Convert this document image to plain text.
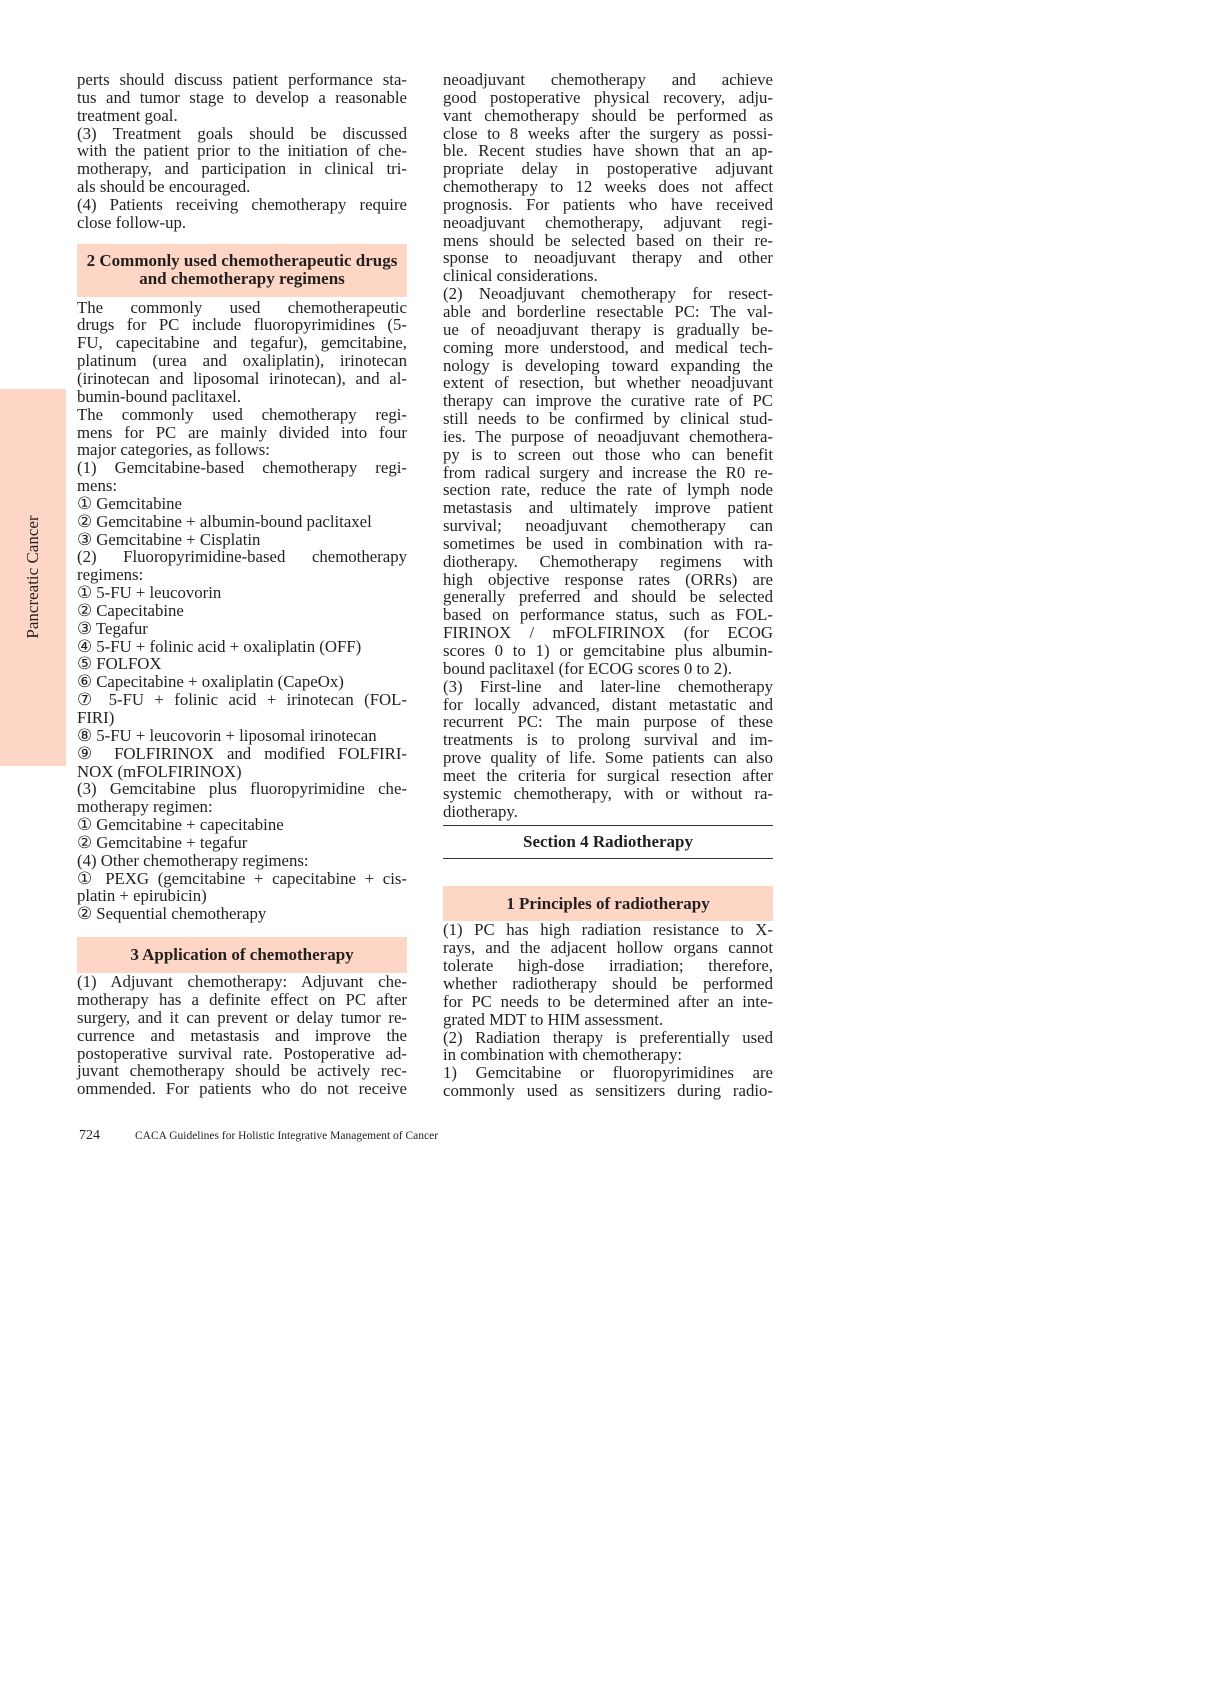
Pancreatic Cancer
perts should discuss patient performance sta-
tus and tumor stage to develop a reasonable
treatment goal.
(3) Treatment goals should be discussed
with the patient prior to the initiation of che-
motherapy, and participation in clinical tri-
als should be encouraged.
(4) Patients receiving chemotherapy require
close follow-up.
2 Commonly used chemotherapeutic drugs
and chemotherapy regimens
The commonly used chemotherapeutic
drugs for PC include fluoropyrimidines (5-
FU, capecitabine and tegafur), gemcitabine,
platinum (urea and oxaliplatin), irinotecan
(irinotecan and liposomal irinotecan), and al-
bumin-bound paclitaxel.
The commonly used chemotherapy regi-
mens for PC are mainly divided into four
major categories, as follows:
(1) Gemcitabine-based chemotherapy regi-
mens:
① Gemcitabine
② Gemcitabine + albumin-bound paclitaxel
③ Gemcitabine + Cisplatin
(2) Fluoropyrimidine-based chemotherapy
regimens:
① 5-FU + leucovorin
② Capecitabine
③ Tegafur
④ 5-FU + folinic acid + oxaliplatin (OFF)
⑤ FOLFOX
⑥ Capecitabine + oxaliplatin (CapeOx)
⑦ 5-FU + folinic acid + irinotecan (FOL-
FIRI)
⑧ 5-FU + leucovorin + liposomal irinotecan
⑨ FOLFIRINOX and modified FOLFIRI-
NOX (mFOLFIRINOX)
(3) Gemcitabine plus fluoropyrimidine che-
motherapy regimen:
① Gemcitabine + capecitabine
② Gemcitabine + tegafur
(4) Other chemotherapy regimens:
① PEXG (gemcitabine + capecitabine + cis-
platin + epirubicin)
② Sequential chemotherapy
3 Application of chemotherapy
(1) Adjuvant chemotherapy: Adjuvant che-
motherapy has a definite effect on PC after
surgery, and it can prevent or delay tumor re-
currence and metastasis and improve the
postoperative survival rate. Postoperative ad-
juvant chemotherapy should be actively rec-
ommended. For patients who do not receive
neoadjuvant chemotherapy and achieve
good postoperative physical recovery, adju-
vant chemotherapy should be performed as
close to 8 weeks after the surgery as possi-
ble. Recent studies have shown that an ap-
propriate delay in postoperative adjuvant
chemotherapy to 12 weeks does not affect
prognosis. For patients who have received
neoadjuvant chemotherapy, adjuvant regi-
mens should be selected based on their re-
sponse to neoadjuvant therapy and other
clinical considerations.
(2) Neoadjuvant chemotherapy for resect-
able and borderline resectable PC: The val-
ue of neoadjuvant therapy is gradually be-
coming more understood, and medical tech-
nology is developing toward expanding the
extent of resection, but whether neoadjuvant
therapy can improve the curative rate of PC
still needs to be confirmed by clinical stud-
ies. The purpose of neoadjuvant chemothera-
py is to screen out those who can benefit
from radical surgery and increase the R0 re-
section rate, reduce the rate of lymph node
metastasis and ultimately improve patient
survival; neoadjuvant chemotherapy can
sometimes be used in combination with ra-
diotherapy. Chemotherapy regimens with
high objective response rates (ORRs) are
generally preferred and should be selected
based on performance status, such as FOL-
FIRINOX / mFOLFIRINOX (for ECOG
scores 0 to 1) or gemcitabine plus albumin-
bound paclitaxel (for ECOG scores 0 to 2).
(3) First-line and later-line chemotherapy
for locally advanced, distant metastatic and
recurrent PC: The main purpose of these
treatments is to prolong survival and im-
prove quality of life. Some patients can also
meet the criteria for surgical resection after
systemic chemotherapy, with or without ra-
diotherapy.
Section 4 Radiotherapy
1 Principles of radiotherapy
(1) PC has high radiation resistance to X-
rays, and the adjacent hollow organs cannot
tolerate high-dose irradiation; therefore,
whether radiotherapy should be performed
for PC needs to be determined after an inte-
grated MDT to HIM assessment.
(2) Radiation therapy is preferentially used
in combination with chemotherapy:
1) Gemcitabine or fluoropyrimidines are
commonly used as sensitizers during radio-
724	CACA Guidelines for Holistic Integrative Management of Cancer
